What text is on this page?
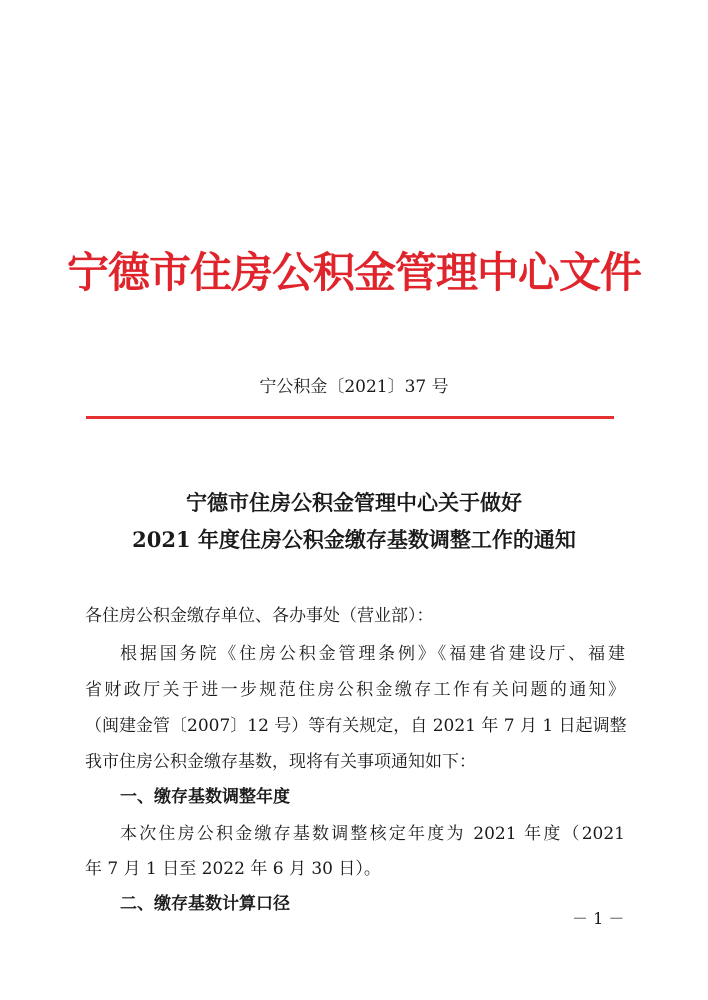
宁德市住房公积金管理中心文件
宁公积金〔2021〕37 号
宁德市住房公积金管理中心关于做好
2021 年度住房公积金缴存基数调整工作的通知
各住房公积金缴存单位、各办事处（营业部）：
根据国务院《住房公积金管理条例》《福建省建设厅、福建
省财政厅关于进一步规范住房公积金缴存工作有关问题的通知》
（闽建金管〔2007〕12 号）等有关规定，自 2021 年 7 月 1 日起调整
我市住房公积金缴存基数，现将有关事项通知如下：
一、缴存基数调整年度
本次住房公积金缴存基数调整核定年度为 2021 年度（2021
年 7 月 1 日至 2022 年 6 月 30 日）。
二、缴存基数计算口径
－ 1 －
